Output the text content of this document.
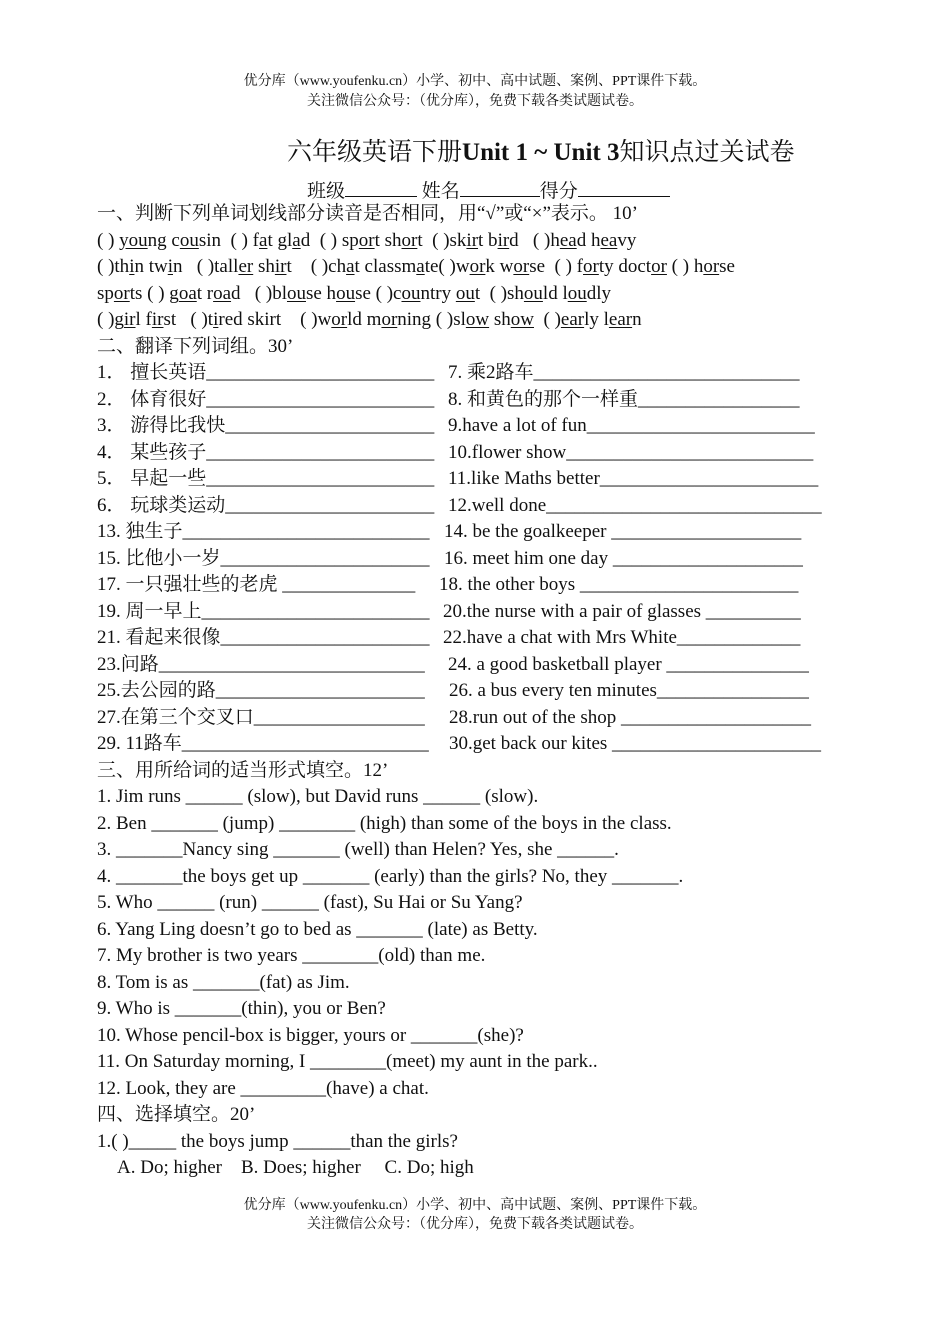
优分库（www.youfenku.cn）小学、初中、高中试题、案例、PPT课件下载。
关注微信公众号：（优分库），免费下载各类试题试卷。
六年级英语下册Unit 1 ~ Unit 3知识点过关试卷
班级	姓名	得分
一、判断下列单词划线部分读音是否相同，用“√”或“×”表示。 10’
( ) young cousin  ( ) fat glad  ( ) sport short  ( )skirt bird   ( )head heavy
( )thin twin   ( )taller shirt    ( )chat classmate( )work worse  ( ) forty doctor ( ) horse
sports ( ) goat road   ( )blouse house ( )country out  ( )should loudly
( )girl first   ( )tired skirt    ( )world morning ( )slow show  ( )early learn
二、翻译下列词组。30’
1． 擅长英语________________________ 7. 乘2路车____________________________
2． 体育很好________________________ 8. 和黄色的那个一样重_________________
3． 游得比我快______________________ 9.have a lot of fun________________________
4． 某些孩子________________________ 10.flower show__________________________
5． 早起一些________________________ 11.like Maths better_______________________
6． 玩球类运动______________________ 12.well done_____________________________
13. 独生子__________________________ 14. be the goalkeeper ____________________
15. 比他小一岁______________________ 16. meet him one day ____________________
17. 一只强壮些的老虎 ______________ 18. the other boys _______________________
19. 周一早上________________________ 20.the nurse with a pair of glasses __________
21. 看起来很像______________________ 22.have a chat with Mrs White_____________
23.问路____________________________ 24. a good basketball player _______________
25.去公园的路______________________ 26. a bus every ten minutes________________
27.在第三个交叉口__________________ 28.run out of the shop ____________________
29. 11路车__________________________ 30.get back our kites ______________________
三、用所给词的适当形式填空。12’
1. Jim runs ______ (slow), but David runs ______ (slow).
2. Ben _______ (jump) ________ (high) than some of the boys in the class.
3. _______Nancy sing _______ (well) than Helen? Yes, she ______.
4. _______the boys get up _______ (early) than the girls? No, they _______.
5. Who ______ (run) ______ (fast), Su Hai or Su Yang?
6. Yang Ling doesn’t go to bed as _______ (late) as Betty.
7. My brother is two years ________(old) than me.
8. Tom is as _______(fat) as Jim.
9. Who is _______(thin), you or Ben?
10. Whose pencil-box is bigger, yours or _______(she)?
11. On Saturday morning, I ________(meet) my aunt in the park..
12. Look, they are _________(have) a chat.
四、选择填空。20’
1.( )_____ the boys jump ______than the girls?
A. Do; higher    B. Does; higher     C. Do; high
优分库（www.youfenku.cn）小学、初中、高中试题、案例、PPT课件下载。
关注微信公众号：（优分库），免费下载各类试题试卷。
